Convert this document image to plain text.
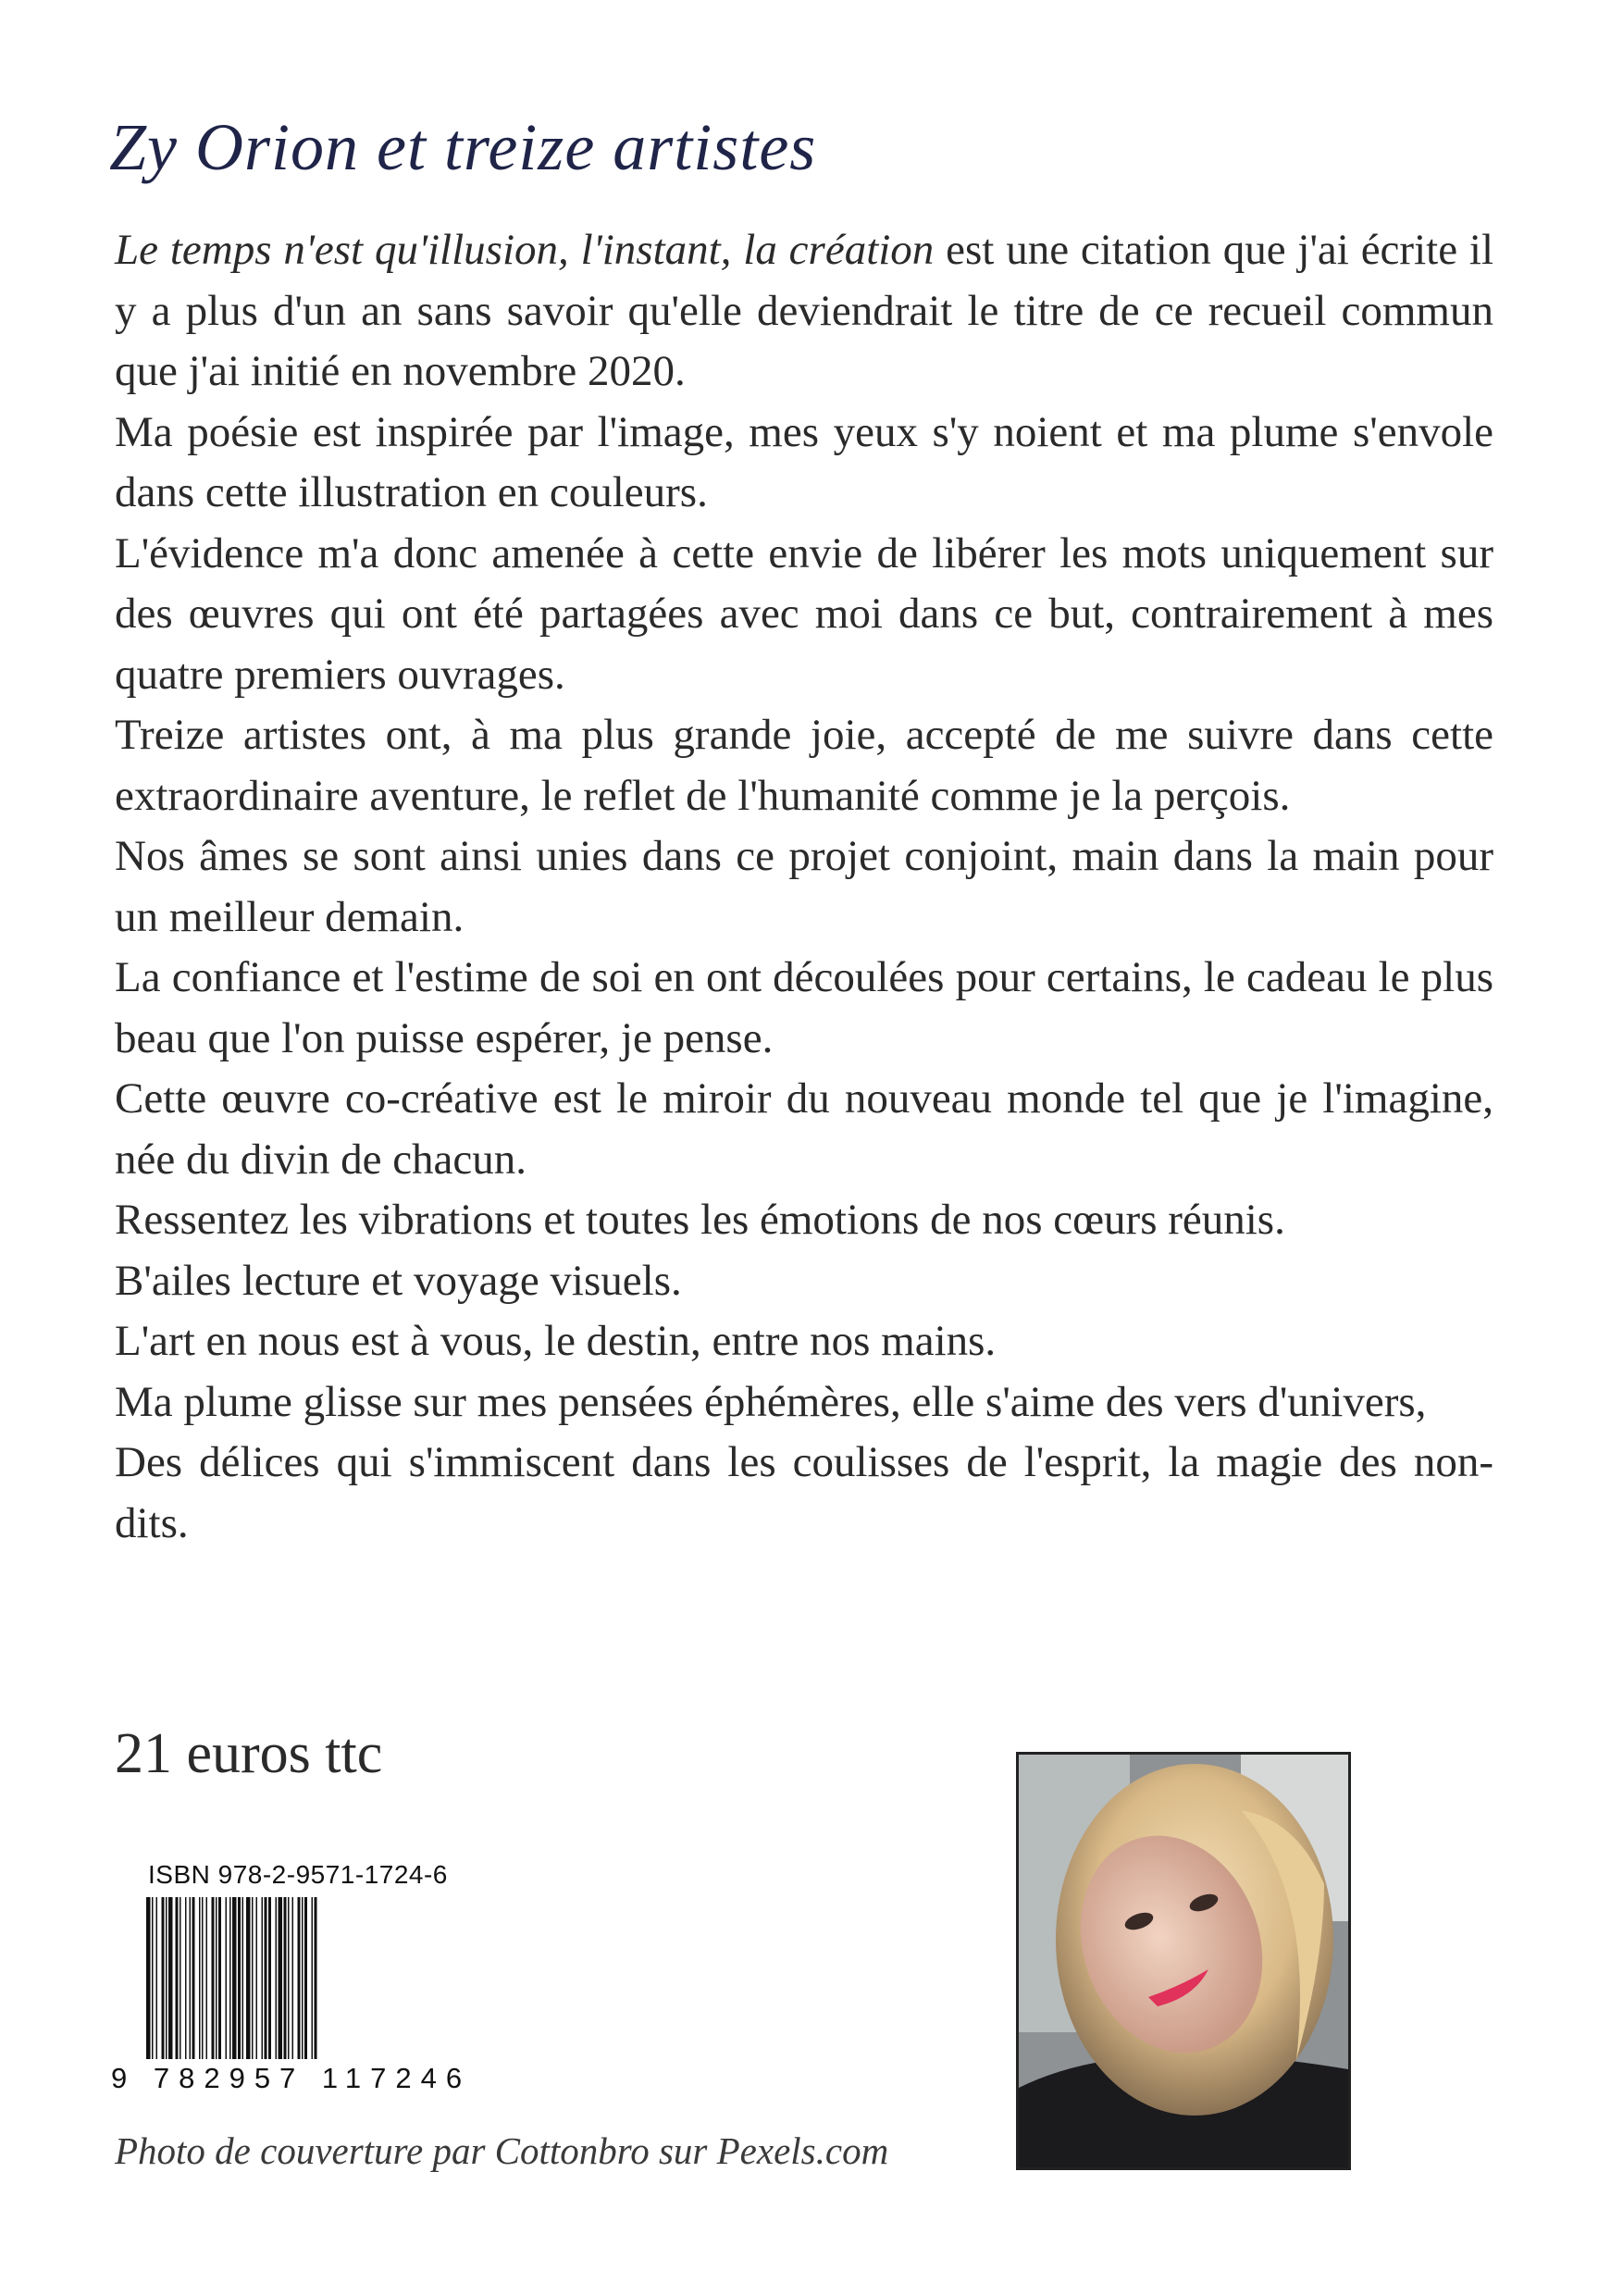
Zy Orion et treize artistes

Le temps n'est qu'illusion, l'instant, la création est une citation que j'ai écrite il y a plus d'un an sans savoir qu'elle deviendrait le titre de ce recueil commun que j'ai initié en novembre 2020.

Ma poésie est inspirée par l'image, mes yeux s'y noient et ma plume s'envole dans cette illustration en couleurs.

L'évidence m'a donc amenée à cette envie de libérer les mots uniquement sur des œuvres qui ont été partagées avec moi dans ce but, contrairement à mes quatre premiers ouvrages.

Treize artistes ont, à ma plus grande joie, accepté de me suivre dans cette extraordinaire aventure, le reflet de l'humanité comme je la perçois.

Nos âmes se sont ainsi unies dans ce projet conjoint, main dans la main pour un meilleur demain.

La confiance et l'estime de soi en ont découlées pour certains, le cadeau le plus beau que l'on puisse espérer, je pense.

Cette œuvre co-créative est le miroir du nouveau monde tel que je l'imagine, née du divin de chacun.

Ressentez les vibrations et toutes les émotions de nos cœurs réunis.

B'ailes lecture et voyage visuels.

L'art en nous est à vous, le destin, entre nos mains.

Ma plume glisse sur mes pensées éphémères, elle s'aime des vers d'univers,

Des délices qui s'immiscent dans les coulisses de l'esprit, la magie des non-dits.

21 euros ttc

ISBN 978-2-9571-1724-6
9 782957 117246

Photo de couverture par Cottonbro sur Pexels.com
